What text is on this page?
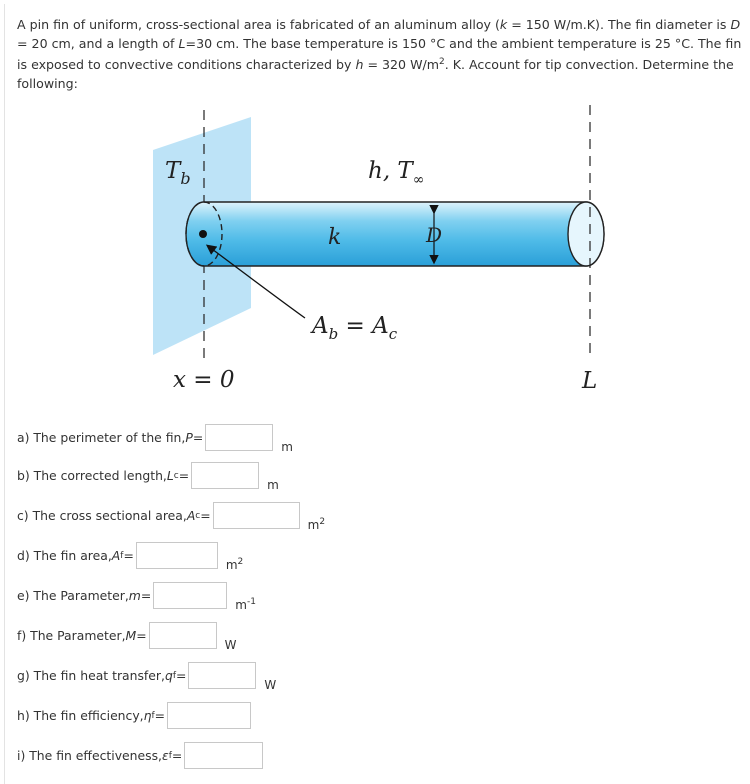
A pin fin of uniform, cross-sectional area is fabricated of an aluminum alloy (k = 150 W/m.K). The fin diameter is D = 20 cm, and a length of L=30 cm. The base temperature is 150 °C and the ambient temperature is 25 °C. The fin is exposed to convective conditions characterized by h = 320 $W/m^2$. K. Account for tip convection. Determine the following:

$T_b$	h, $T_\infty$
k	D
$A_b = A_c$
x = 0	L
a) The perimeter of the fin, P =
m
b) The corrected length, L c =
m
c) The cross sectional area, A c =
$m^2$
d) The fin area, A f =
$m^2$
e) The Parameter, m =
$m^{-1}$
f) The Parameter, M =
W
g) The fin heat transfer, q f =
W
h) The fin efficiency, η f =
i) The fin effectiveness, ε f =
